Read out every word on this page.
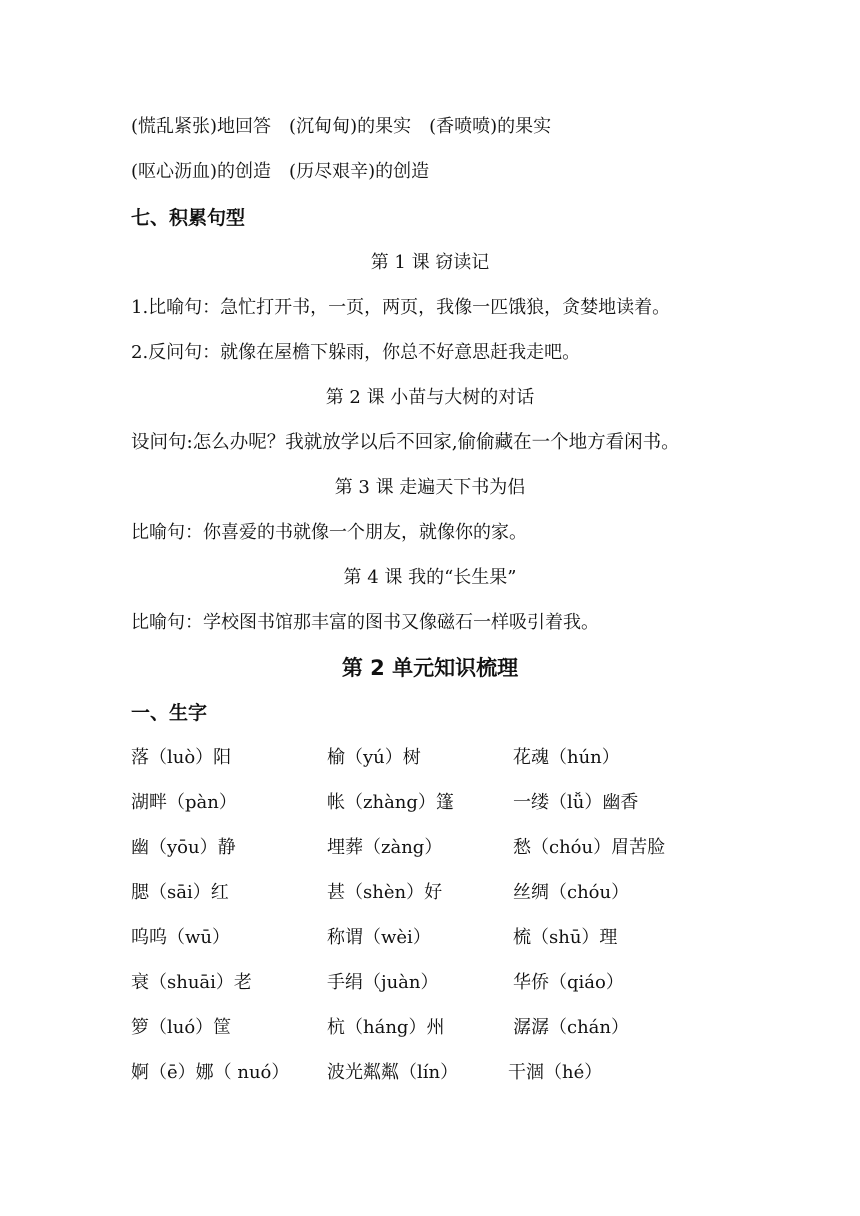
(慌乱紧张)地回答　(沉甸甸)的果实　(香喷喷)的果实
(呕心沥血)的创造　(历尽艰辛)的创造
七、积累句型
第 1 课 窃读记
1.比喻句：急忙打开书，一页，两页，我像一匹饿狼，贪婪地读着。
2.反问句：就像在屋檐下躲雨，你总不好意思赶我走吧。
第 2 课 小苗与大树的对话
设问句:怎么办呢？我就放学以后不回家,偷偷藏在一个地方看闲书。
第 3 课 走遍天下书为侣
比喻句：你喜爱的书就像一个朋友，就像你的家。
第 4 课 我的“长生果”
比喻句：学校图书馆那丰富的图书又像磁石一样吸引着我。
第 2 单元知识梳理
一、生字
落（luò）阳	榆（yú）树	花魂（hún）
湖畔（pàn）	帐（zhàng）篷	一缕（lǚ）幽香
幽（yōu）静	埋葬（zàng）	愁（chóu）眉苦脸
腮（sāi）红	甚（shèn）好	丝绸（chóu）
呜呜（wū）	称谓（wèi）	梳（shū）理
衰（shuāi）老	手绢（juàn）	华侨（qiáo）
箩（luó）筐	杭（háng）州	潺潺（chán）
婀（ē）娜（ nuó） 波光粼粼（lín）	干涸（hé）
